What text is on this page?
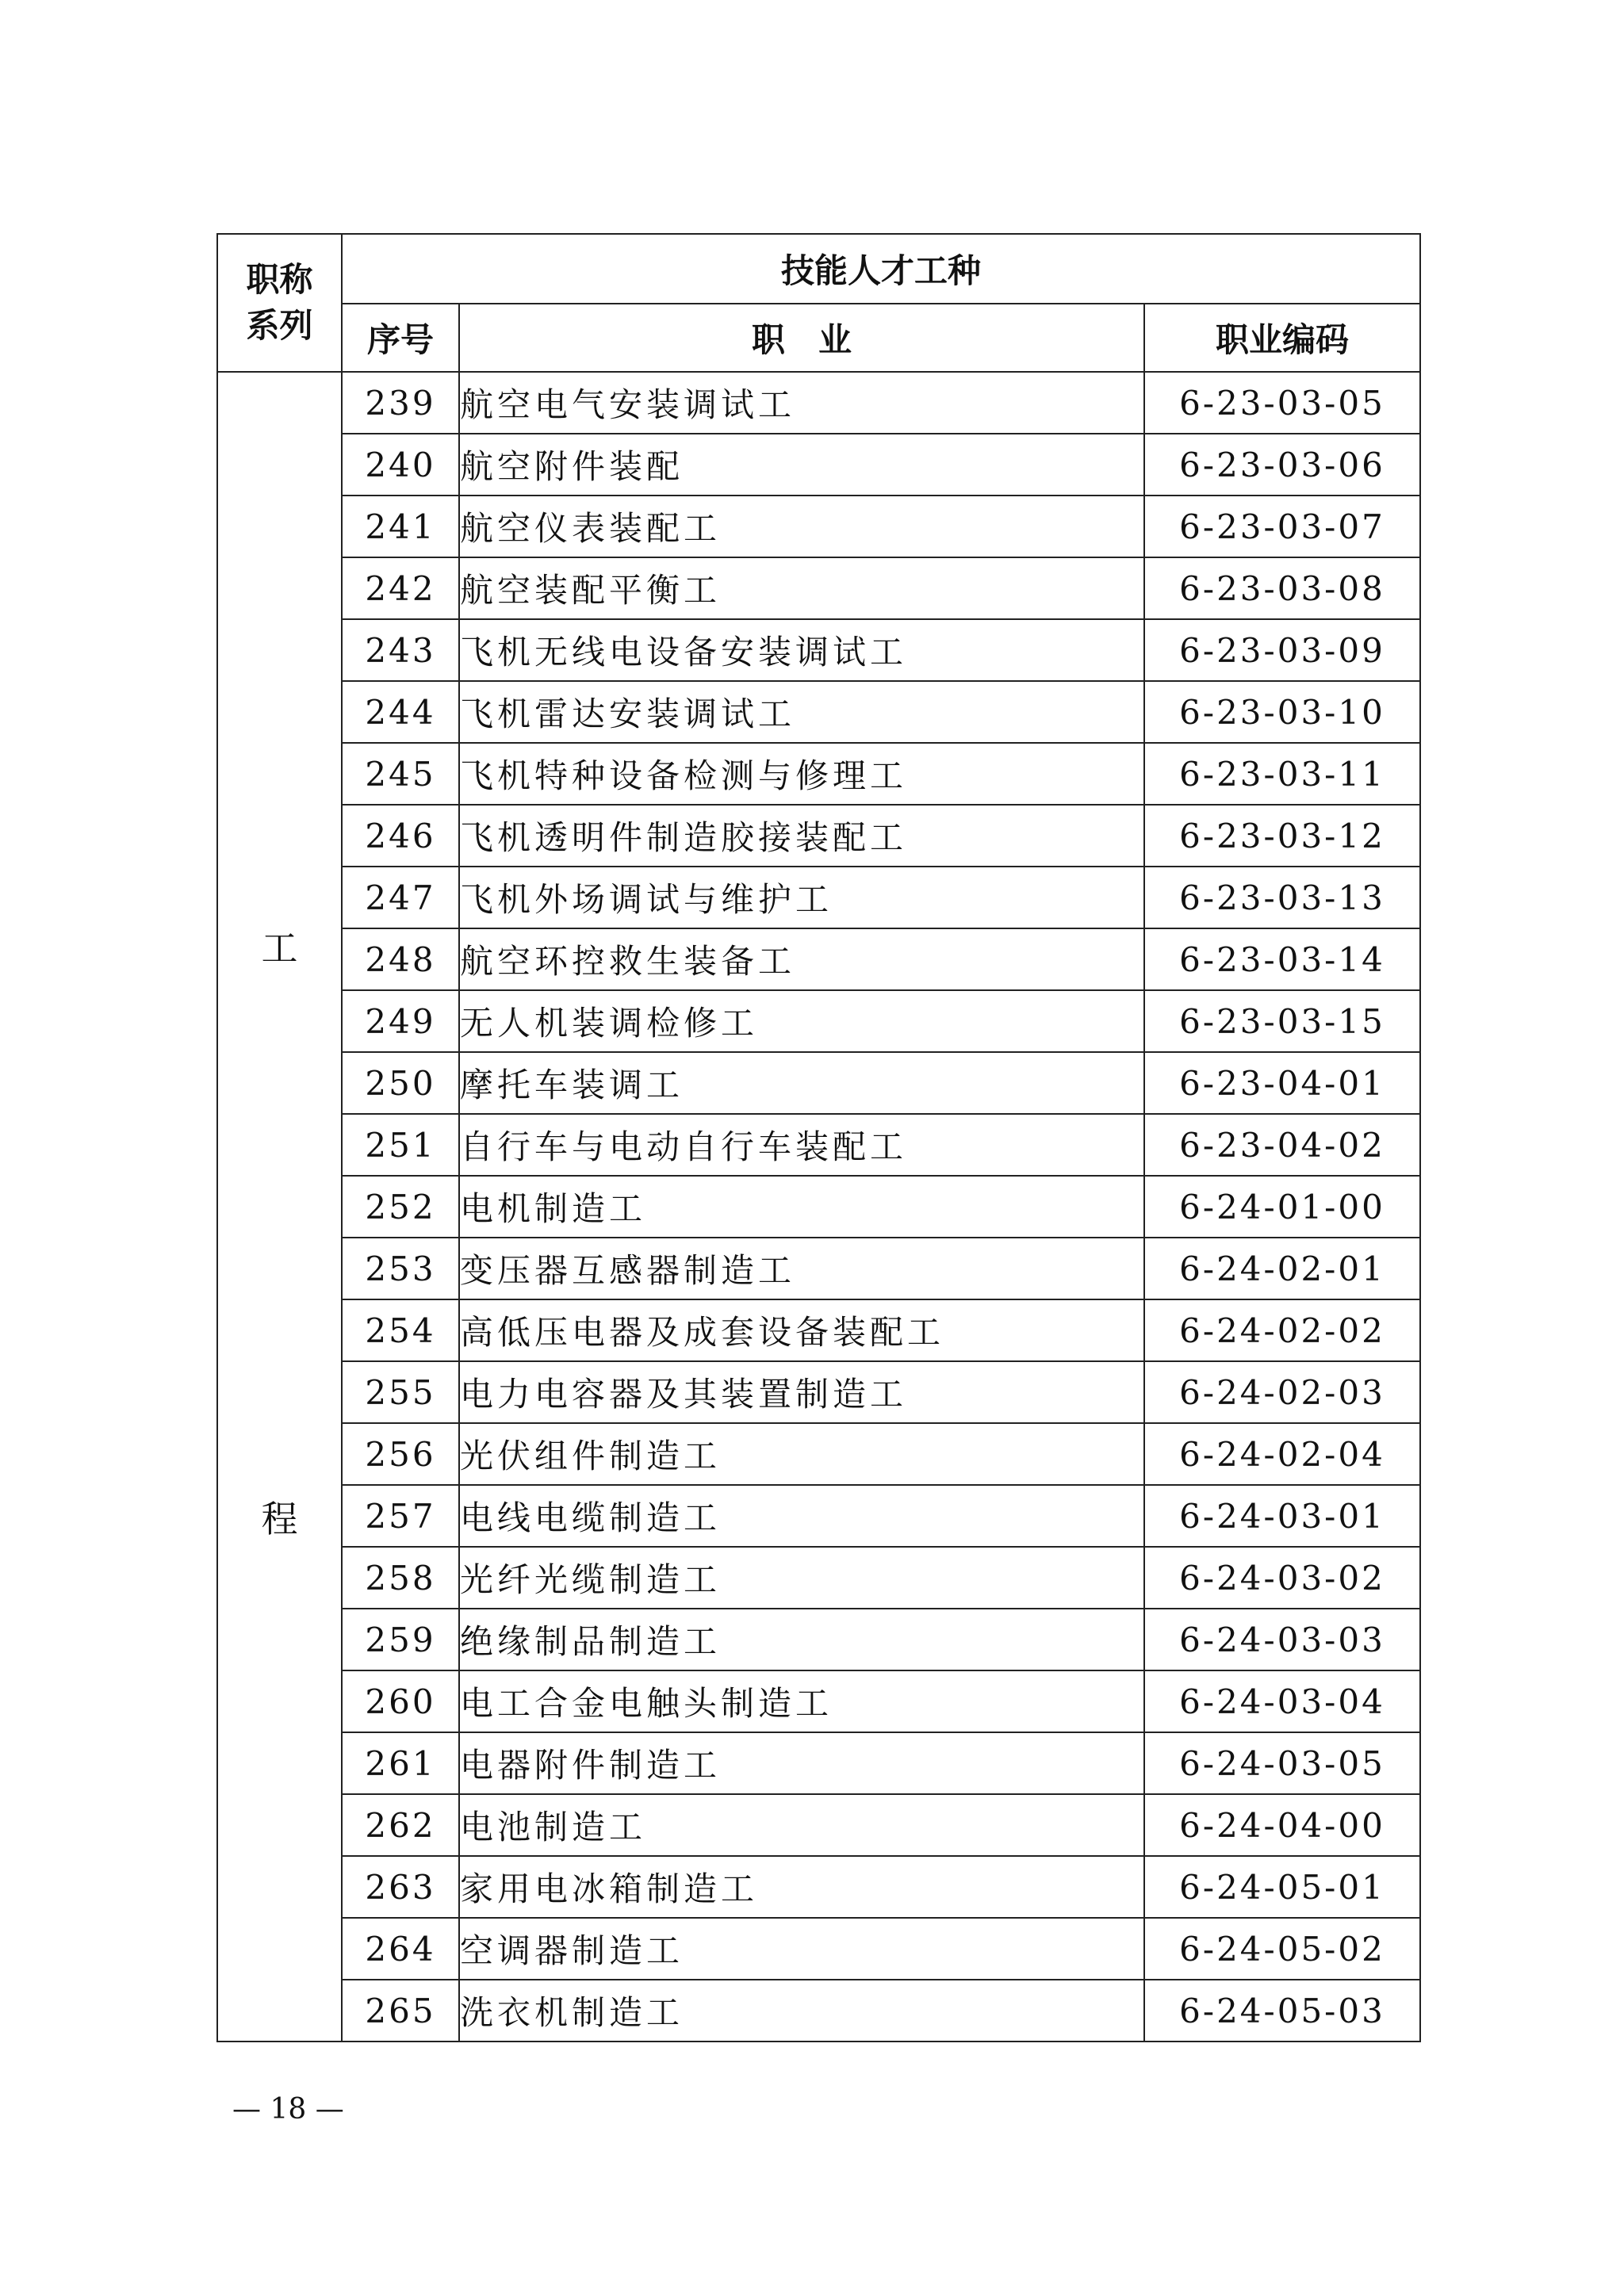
职称
系列	技能人才工种		
	序号	职　业	职业编码

工
程	239	航空电气安装调试工	6-23-03-05
	240	航空附件装配	6-23-03-06
	241	航空仪表装配工	6-23-03-07
	242	航空装配平衡工	6-23-03-08
	243	飞机无线电设备安装调试工	6-23-03-09
	244	飞机雷达安装调试工	6-23-03-10
	245	飞机特种设备检测与修理工	6-23-03-11
	246	飞机透明件制造胶接装配工	6-23-03-12
	247	飞机外场调试与维护工	6-23-03-13
	248	航空环控救生装备工	6-23-03-14
	249	无人机装调检修工	6-23-03-15
	250	摩托车装调工	6-23-04-01
	251	自行车与电动自行车装配工	6-23-04-02
	252	电机制造工	6-24-01-00
	253	变压器互感器制造工	6-24-02-01
	254	高低压电器及成套设备装配工	6-24-02-02
	255	电力电容器及其装置制造工	6-24-02-03
	256	光伏组件制造工	6-24-02-04
	257	电线电缆制造工	6-24-03-01
	258	光纤光缆制造工	6-24-03-02
	259	绝缘制品制造工	6-24-03-03
	260	电工合金电触头制造工	6-24-03-04
	261	电器附件制造工	6-24-03-05
	262	电池制造工	6-24-04-00
	263	家用电冰箱制造工	6-24-05-01
	264	空调器制造工	6-24-05-02
	265	洗衣机制造工	6-24-05-03
— 18 —
